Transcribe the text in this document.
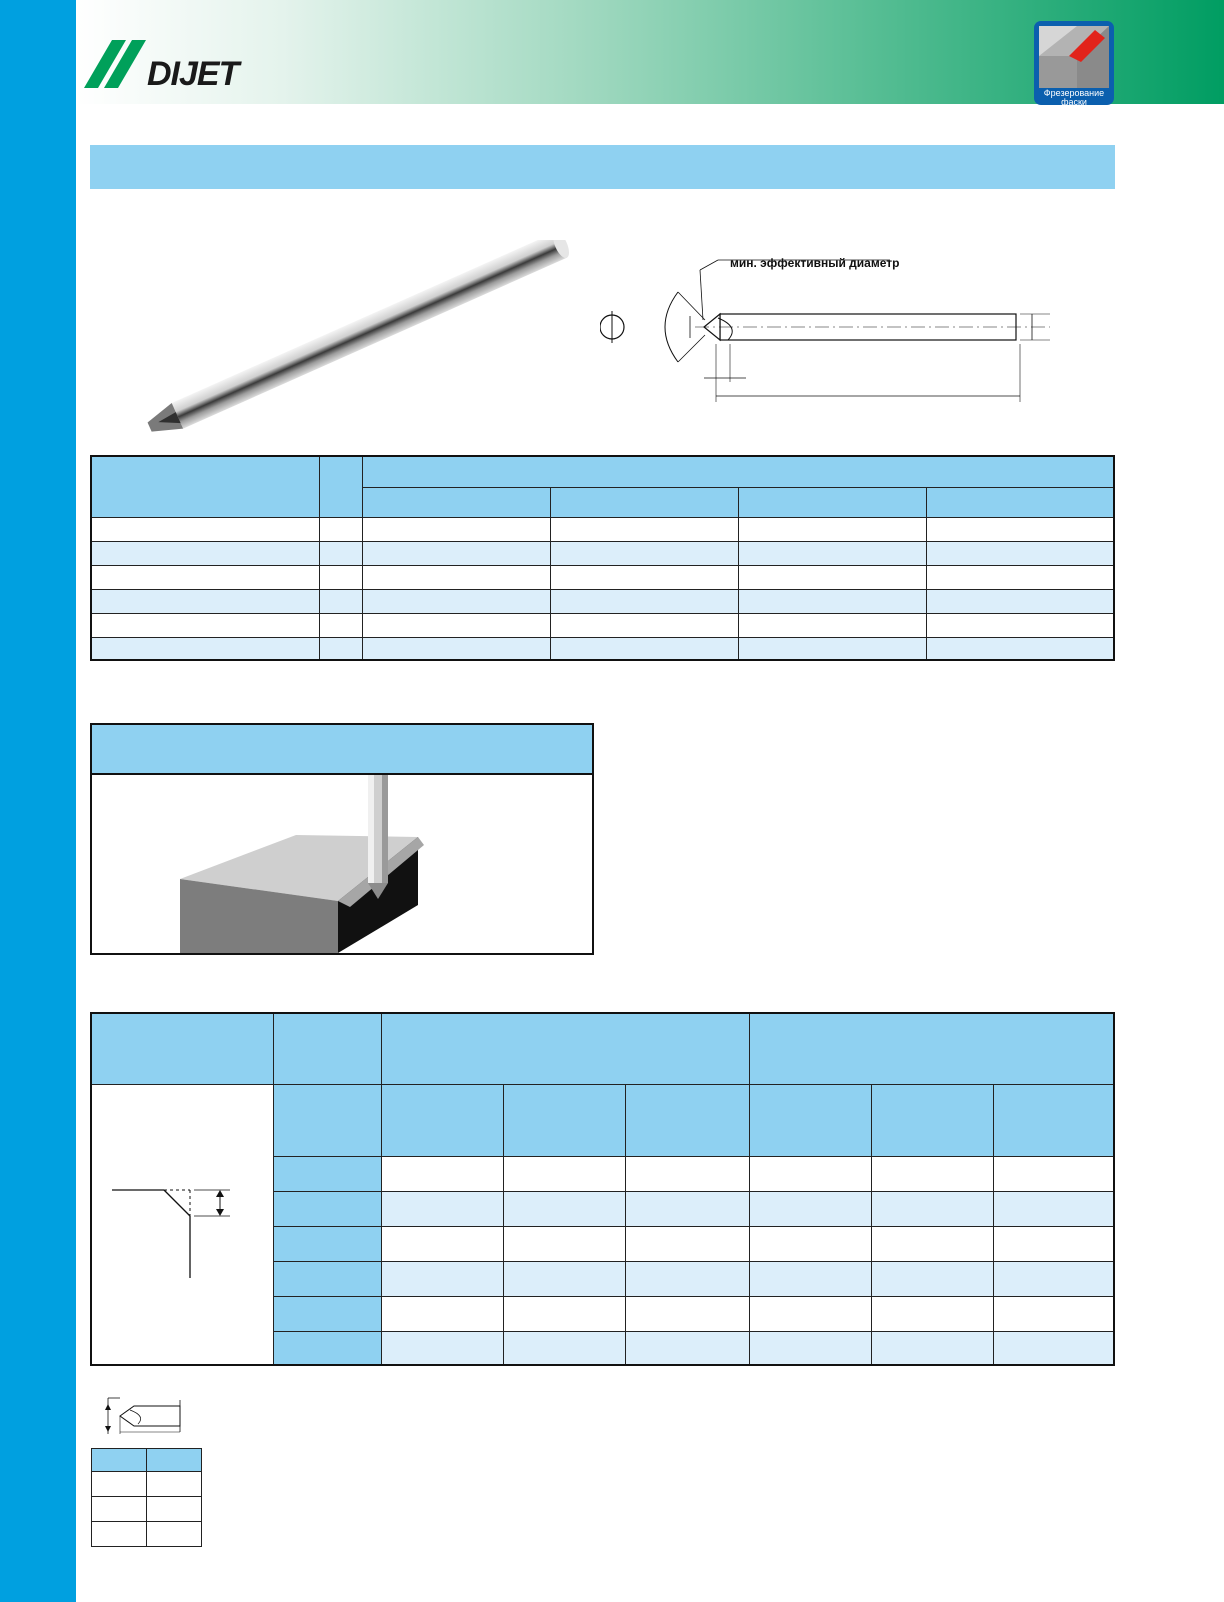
DIJET	Фрезерование
фаски
мин. эффективный диаметр
